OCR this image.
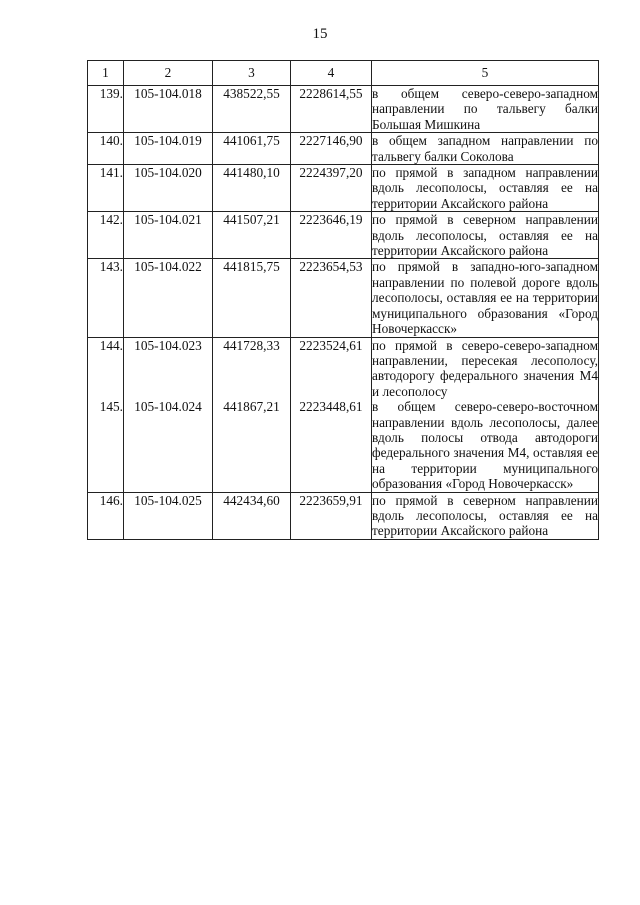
15
1	2	3	4	5
139.	105-104.018	438522,55	2228614,55	в общем северо-северо-западном направлении по тальвегу балки Большая Мишкина
140.	105-104.019	441061,75	2227146,90	в общем западном направлении по тальвегу балки Соколова
141.	105-104.020	441480,10	2224397,20	по прямой в западном направлении вдоль лесополосы, оставляя ее на территории Аксайского района
142.	105-104.021	441507,21	2223646,19	по прямой в северном направлении вдоль лесополосы, оставляя ее на территории Аксайского района
143.	105-104.022	441815,75	2223654,53	по прямой в западно-юго-западном направлении по полевой дороге вдоль лесополосы, оставляя ее на территории муниципального образования «Город Новочеркасск»
144.	105-104.023	441728,33	2223524,61	по прямой в северо-северо-западном направлении, пересекая лесополосу, автодорогу федерального значения М4 и лесополосу
145.	105-104.024	441867,21	2223448,61	в общем северо-северо-восточном направлении вдоль лесополосы, далее вдоль полосы отвода автодороги федерального значения М4, оставляя ее на территории муниципального образования «Город Новочеркасск»
146.	105-104.025	442434,60	2223659,91	по прямой в северном направлении вдоль лесополосы, оставляя ее на территории Аксайского района
